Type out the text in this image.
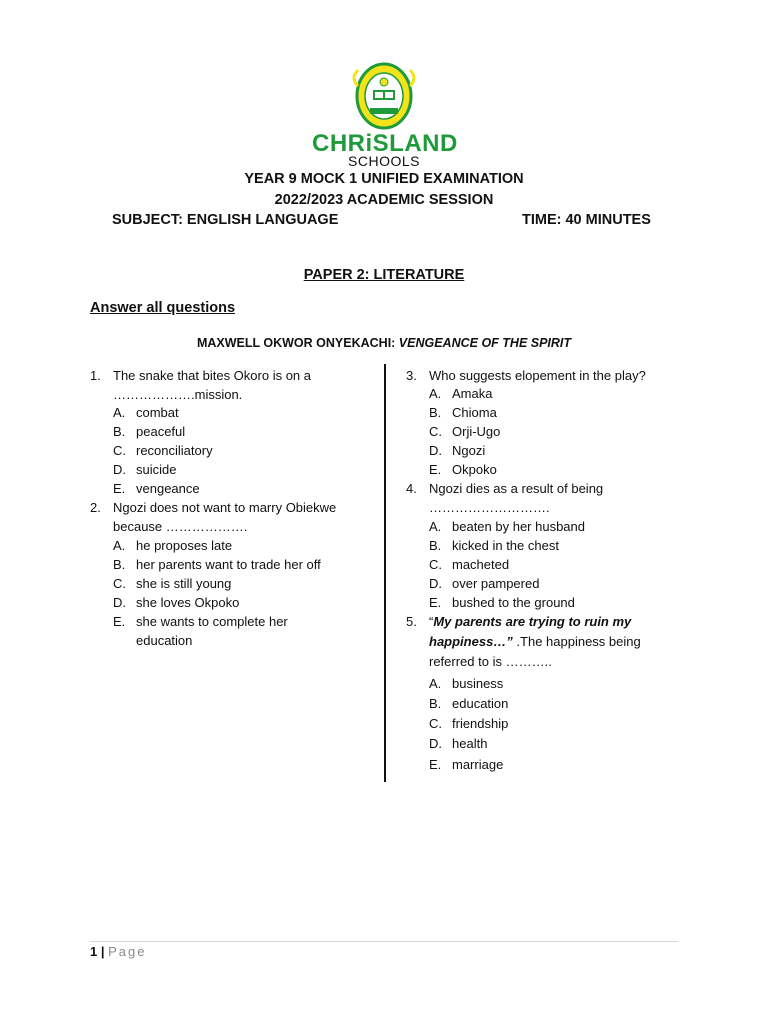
CHRiSLAND
SCHOOLS
YEAR 9 MOCK 1 UNIFIED EXAMINATION
2022/2023 ACADEMIC SESSION
SUBJECT: ENGLISH LANGUAGE	TIME: 40 MINUTES
PAPER 2: LITERATURE
Answer all questions
MAXWELL OKWOR ONYEKACHI: VENGEANCE OF THE SPIRIT
1. The snake that bites Okoro is on a ……………….mission.
A. combat
B. peaceful
C. reconciliatory
D. suicide
E. vengeance
2. Ngozi does not want to marry Obiekwe because ……………….
A. he proposes late
B. her parents want to trade her off
C. she is still young
D. she loves Okpoko
E. she wants to complete her education
3. Who suggests elopement in the play?
A. Amaka
B. Chioma
C. Orji-Ugo
D. Ngozi
E. Okpoko
4. Ngozi dies as a result of being ……………………….
A. beaten by her husband
B. kicked in the chest
C. macheted
D. over pampered
E. bushed to the ground
5. “My parents are trying to ruin my happiness…” .The happiness being referred to is ………..
A. business
B. education
C. friendship
D. health
E. marriage
1 | Page
